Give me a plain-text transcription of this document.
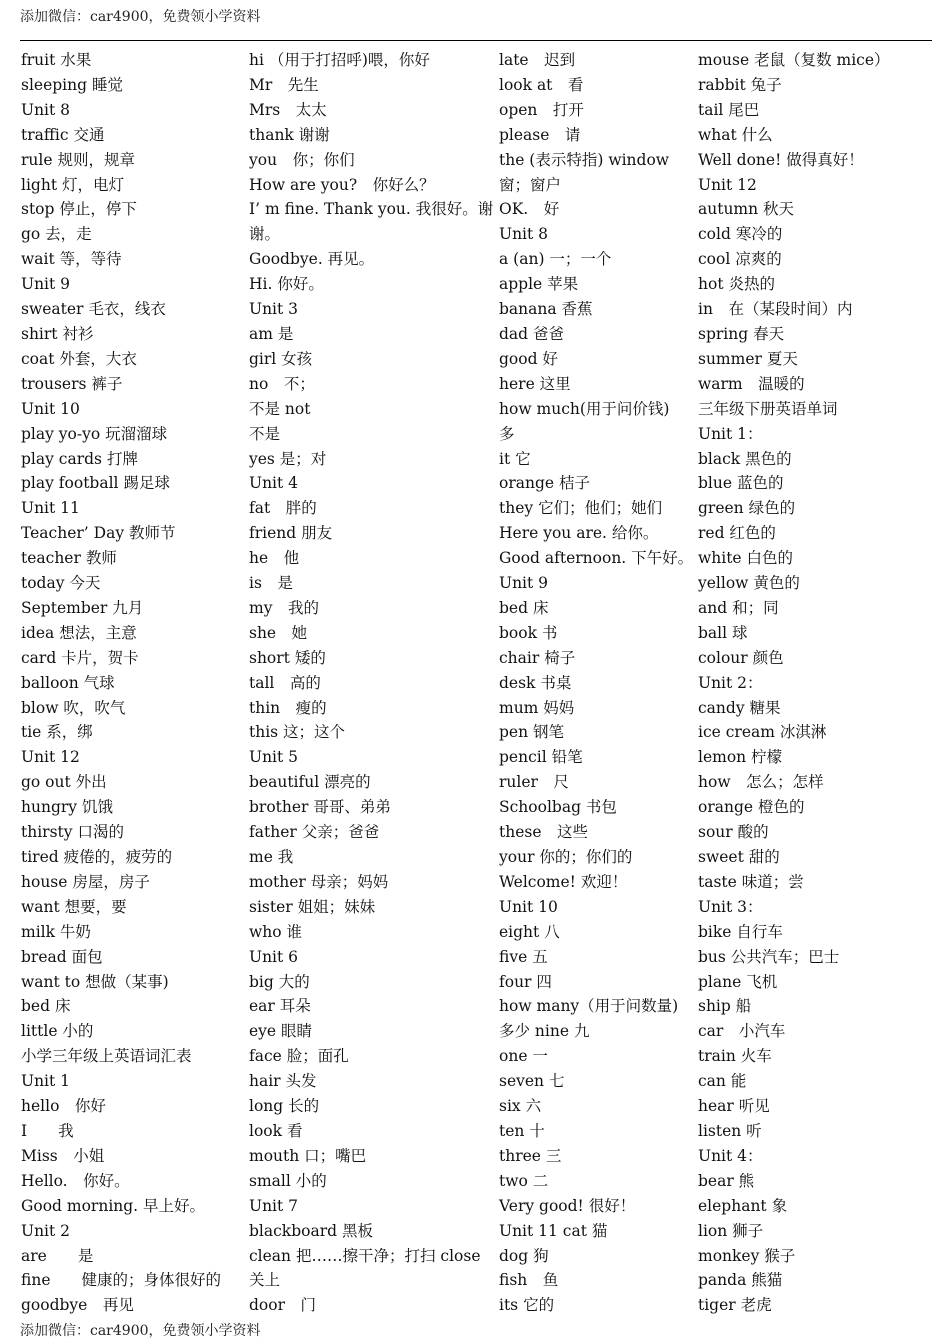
添加微信：car4900，免费领小学资料
fruit 水果
sleeping 睡觉
Unit 8
traffic 交通
rule 规则，规章
light 灯，电灯
stop 停止，停下
go 去，走
wait 等，等待
Unit 9
sweater 毛衣，线衣
shirt 衬衫
coat 外套，大衣
trousers 裤子
Unit 10
play yo-yo 玩溜溜球
play cards 打牌
play football 踢足球
Unit 11
Teacher’ Day 教师节
teacher 教师
today 今天
September 九月
idea 想法，主意
card 卡片，贺卡
balloon 气球
blow 吹，吹气
tie 系，绑
Unit 12
go out 外出
hungry 饥饿
thirsty 口渴的
tired 疲倦的，疲劳的
house 房屋，房子
want 想要，要
milk 牛奶
bread 面包
want to 想做（某事)
bed 床
little 小的
小学三年级上英语词汇表
Unit 1
hello　你好
I　　我
Miss　小姐
Hello.　你好。
Good morning. 早上好。
Unit 2
are　　是
fine　　健康的；身体很好的
goodbye　再见
hi （用于打招呼)喂，你好
Mr　先生
Mrs　太太
thank 谢谢
you　你；你们
How are you?　你好么？
I’ m fine. Thank you. 我很好。谢
谢。
Goodbye. 再见。
Hi. 你好。
Unit 3
am 是
girl 女孩
no　不；
不是 not
不是
yes 是；对
Unit 4
fat　胖的
friend 朋友
he　他
is　是
my　我的
she　她
short 矮的
tall　高的
thin　瘦的
this 这；这个
Unit 5
beautiful 漂亮的
brother 哥哥、弟弟
father 父亲；爸爸
me 我
mother 母亲；妈妈
sister 姐姐；妹妹
who 谁
Unit 6
big 大的
ear 耳朵
eye 眼睛
face 脸；面孔
hair 头发
long 长的
look 看
mouth 口；嘴巴
small 小的
Unit 7
blackboard 黑板
clean 把……擦干净；打扫 close
关上
door　门
late　迟到
look at　看
open　打开
please　请
the (表示特指) window
窗；窗户
OK.　好
Unit 8
a (an) 一；一个
apple 苹果
banana 香蕉
dad 爸爸
good 好
here 这里
how much(用于问价钱)
多
it 它
orange 桔子
they 它们；他们；她们
Here you are. 给你。
Good afternoon. 下午好。
Unit 9
bed 床
book 书
chair 椅子
desk 书桌
mum 妈妈
pen 钢笔
pencil 铅笔
ruler　尺
Schoolbag 书包
these　这些
your 你的；你们的
Welcome! 欢迎！
Unit 10
eight 八
five 五
four 四
how many（用于问数量)
多少 nine 九
one 一
seven 七
six 六
ten 十
three 三
two 二
Very good! 很好！
Unit 11 cat 猫
dog 狗
fish　鱼
its 它的
mouse 老鼠（复数 mice）
rabbit 兔子
tail 尾巴
what 什么
Well done! 做得真好！
Unit 12
autumn 秋天
cold 寒冷的
cool 凉爽的
hot 炎热的
in　在（某段时间）内
spring 春天
summer 夏天
warm　温暖的
三年级下册英语单词
Unit 1：
black 黑色的
blue 蓝色的
green 绿色的
red 红色的
white 白色的
yellow 黄色的
and 和；同
ball 球
colour 颜色
Unit 2：
candy 糖果
ice cream 冰淇淋
lemon 柠檬
how　怎么；怎样
orange 橙色的
sour 酸的
sweet 甜的
taste 味道；尝
Unit 3：
bike 自行车
bus 公共汽车；巴士
plane 飞机
ship 船
car　小汽车
train 火车
can 能
hear 听见
listen 听
Unit 4：
bear 熊
elephant 象
lion 狮子
monkey 猴子
panda 熊猫
tiger 老虎
添加微信：car4900，免费领小学资料
